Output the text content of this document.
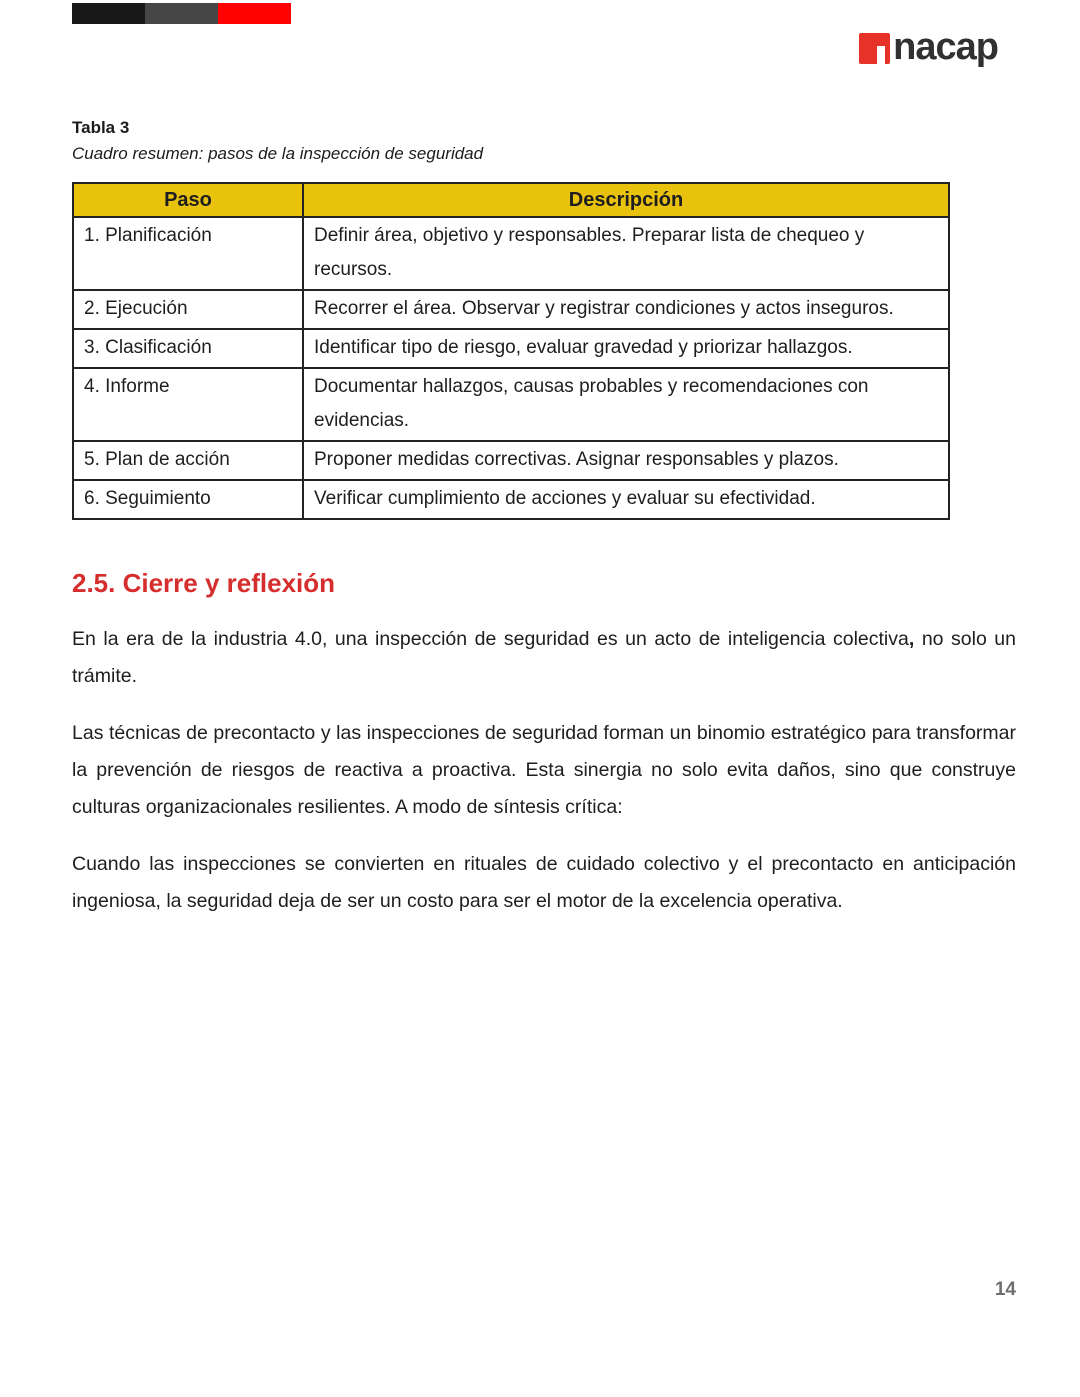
nacap

Tabla 3

Cuadro resumen: pasos de la inspección de seguridad

Paso	Descripción
1. Planificación	Definir área, objetivo y responsables. Preparar lista de chequeo y recursos.
2. Ejecución	Recorrer el área. Observar y registrar condiciones y actos inseguros.
3. Clasificación	Identificar tipo de riesgo, evaluar gravedad y priorizar hallazgos.
4. Informe	Documentar hallazgos, causas probables y recomendaciones con evidencias.
5. Plan de acción	Proponer medidas correctivas. Asignar responsables y plazos.
6. Seguimiento	Verificar cumplimiento de acciones y evaluar su efectividad.
2.5. Cierre y reflexión

En la era de la industria 4.0, una inspección de seguridad es un acto de inteligencia colectiva, no solo un trámite.

Las técnicas de precontacto y las inspecciones de seguridad forman un binomio estratégico para transformar la prevención de riesgos de reactiva a proactiva. Esta sinergia no solo evita daños, sino que construye culturas organizacionales resilientes. A modo de síntesis crítica:

Cuando las inspecciones se convierten en rituales de cuidado colectivo y el precontacto en anticipación ingeniosa, la seguridad deja de ser un costo para ser el motor de la excelencia operativa.

14
